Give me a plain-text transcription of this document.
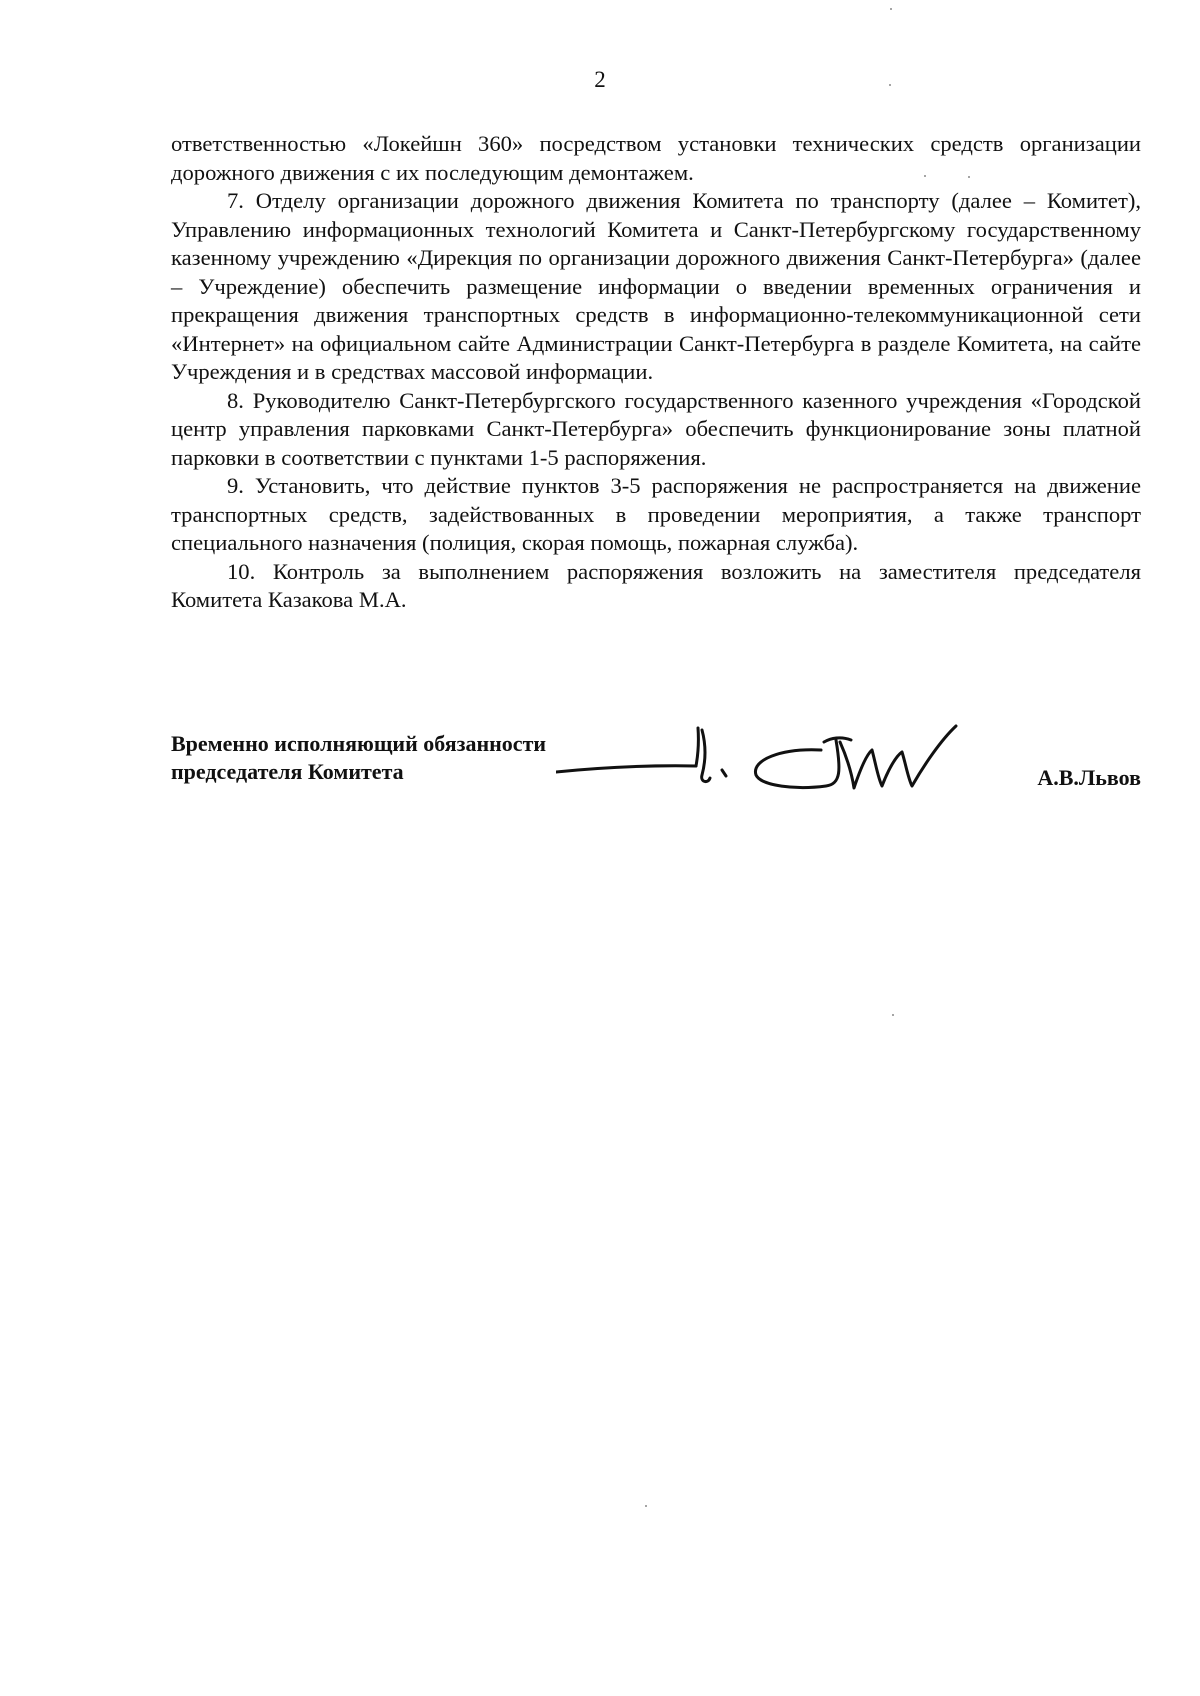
2

ответственностью «Локейшн 360» посредством установки технических средств организации дорожного движения с их последующим демонтажем.

7. Отделу организации дорожного движения Комитета по транспорту (далее – Комитет), Управлению информационных технологий Комитета и Санкт-Петербургскому государственному казенному учреждению «Дирекция по организации дорожного движения Санкт-Петербурга» (далее – Учреждение) обеспечить размещение информации о введении временных ограничения и прекращения движения транспортных средств в информационно-телекоммуникационной сети «Интернет» на официальном сайте Администрации Санкт-Петербурга в разделе Комитета, на сайте Учреждения и в средствах массовой информации.

8. Руководителю Санкт-Петербургского государственного казенного учреждения «Городской центр управления парковками Санкт-Петербурга» обеспечить функционирование зоны платной парковки в соответствии с пунктами 1-5 распоряжения.

9. Установить, что действие пунктов 3-5 распоряжения не распространяется на движение транспортных средств, задействованных в проведении мероприятия, а также транспорт специального назначения (полиция, скорая помощь, пожарная служба).

10. Контроль за выполнением распоряжения возложить на заместителя председателя Комитета Казакова М.А.

Временно исполняющий обязанности
председателя Комитета	А.В.Львов
